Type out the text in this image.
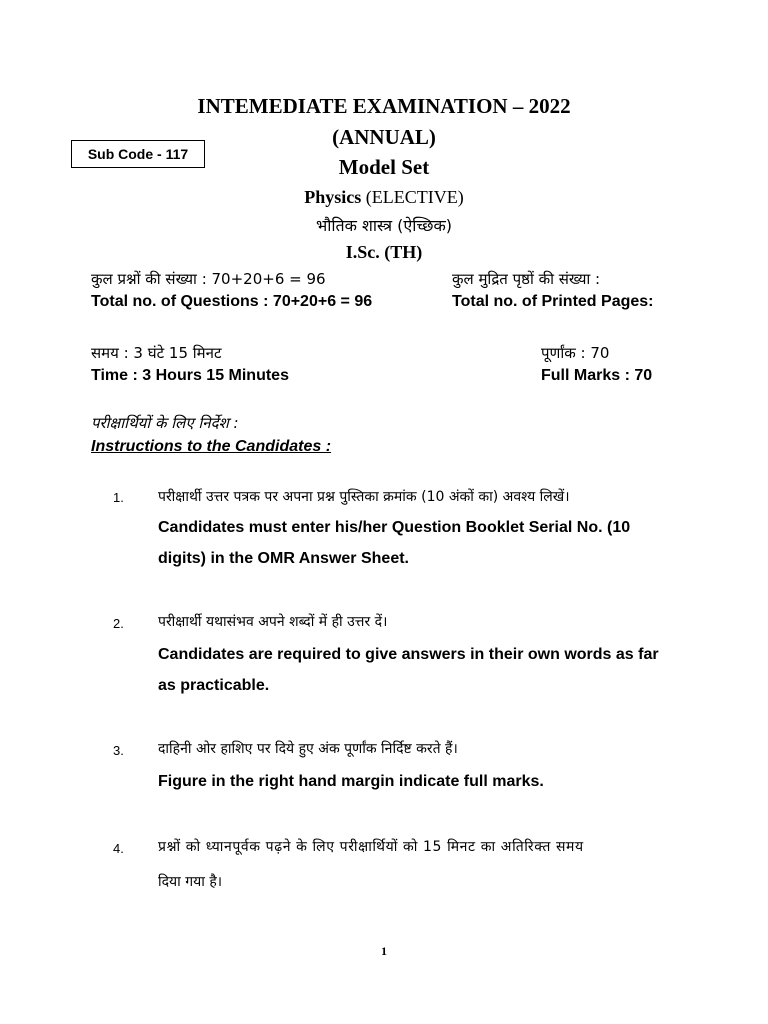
INTEMEDIATE EXAMINATION – 2022
(ANNUAL)
Model Set
Sub Code - 117
Physics (ELECTIVE)
भौतिक शास्त्र (ऐच्छिक)
I.Sc. (TH)
कुल प्रश्नों की संख्या : 70+20+6 = 96
Total no. of Questions : 70+20+6 = 96
कुल मुद्रित पृष्ठों की संख्या :
Total no. of Printed Pages:
समय : 3 घंटे 15 मिनट
Time : 3 Hours 15 Minutes
पूर्णांक : 70
Full Marks : 70
परीक्षार्थियों के लिए निर्देश :
Instructions to the Candidates :
1. परीक्षार्थी उत्तर पत्रक पर अपना प्रश्न पुस्तिका क्रमांक (10 अंकों का) अवश्य लिखें।
Candidates must enter his/her Question Booklet Serial No. (10
digits) in the OMR Answer Sheet.
2. परीक्षार्थी यथासंभव अपने शब्दों में ही उत्तर दें।
Candidates are required to give answers in their own words as far
as practicable.
3. दाहिनी ओर हाशिए पर दिये हुए अंक पूर्णांक निर्दिष्ट करते हैं।
Figure in the right hand margin indicate full marks.
4. प्रश्नों को ध्यानपूर्वक पढ़ने के लिए परीक्षार्थियों को 15 मिनट का अतिरिक्त समय
दिया गया है।
1
